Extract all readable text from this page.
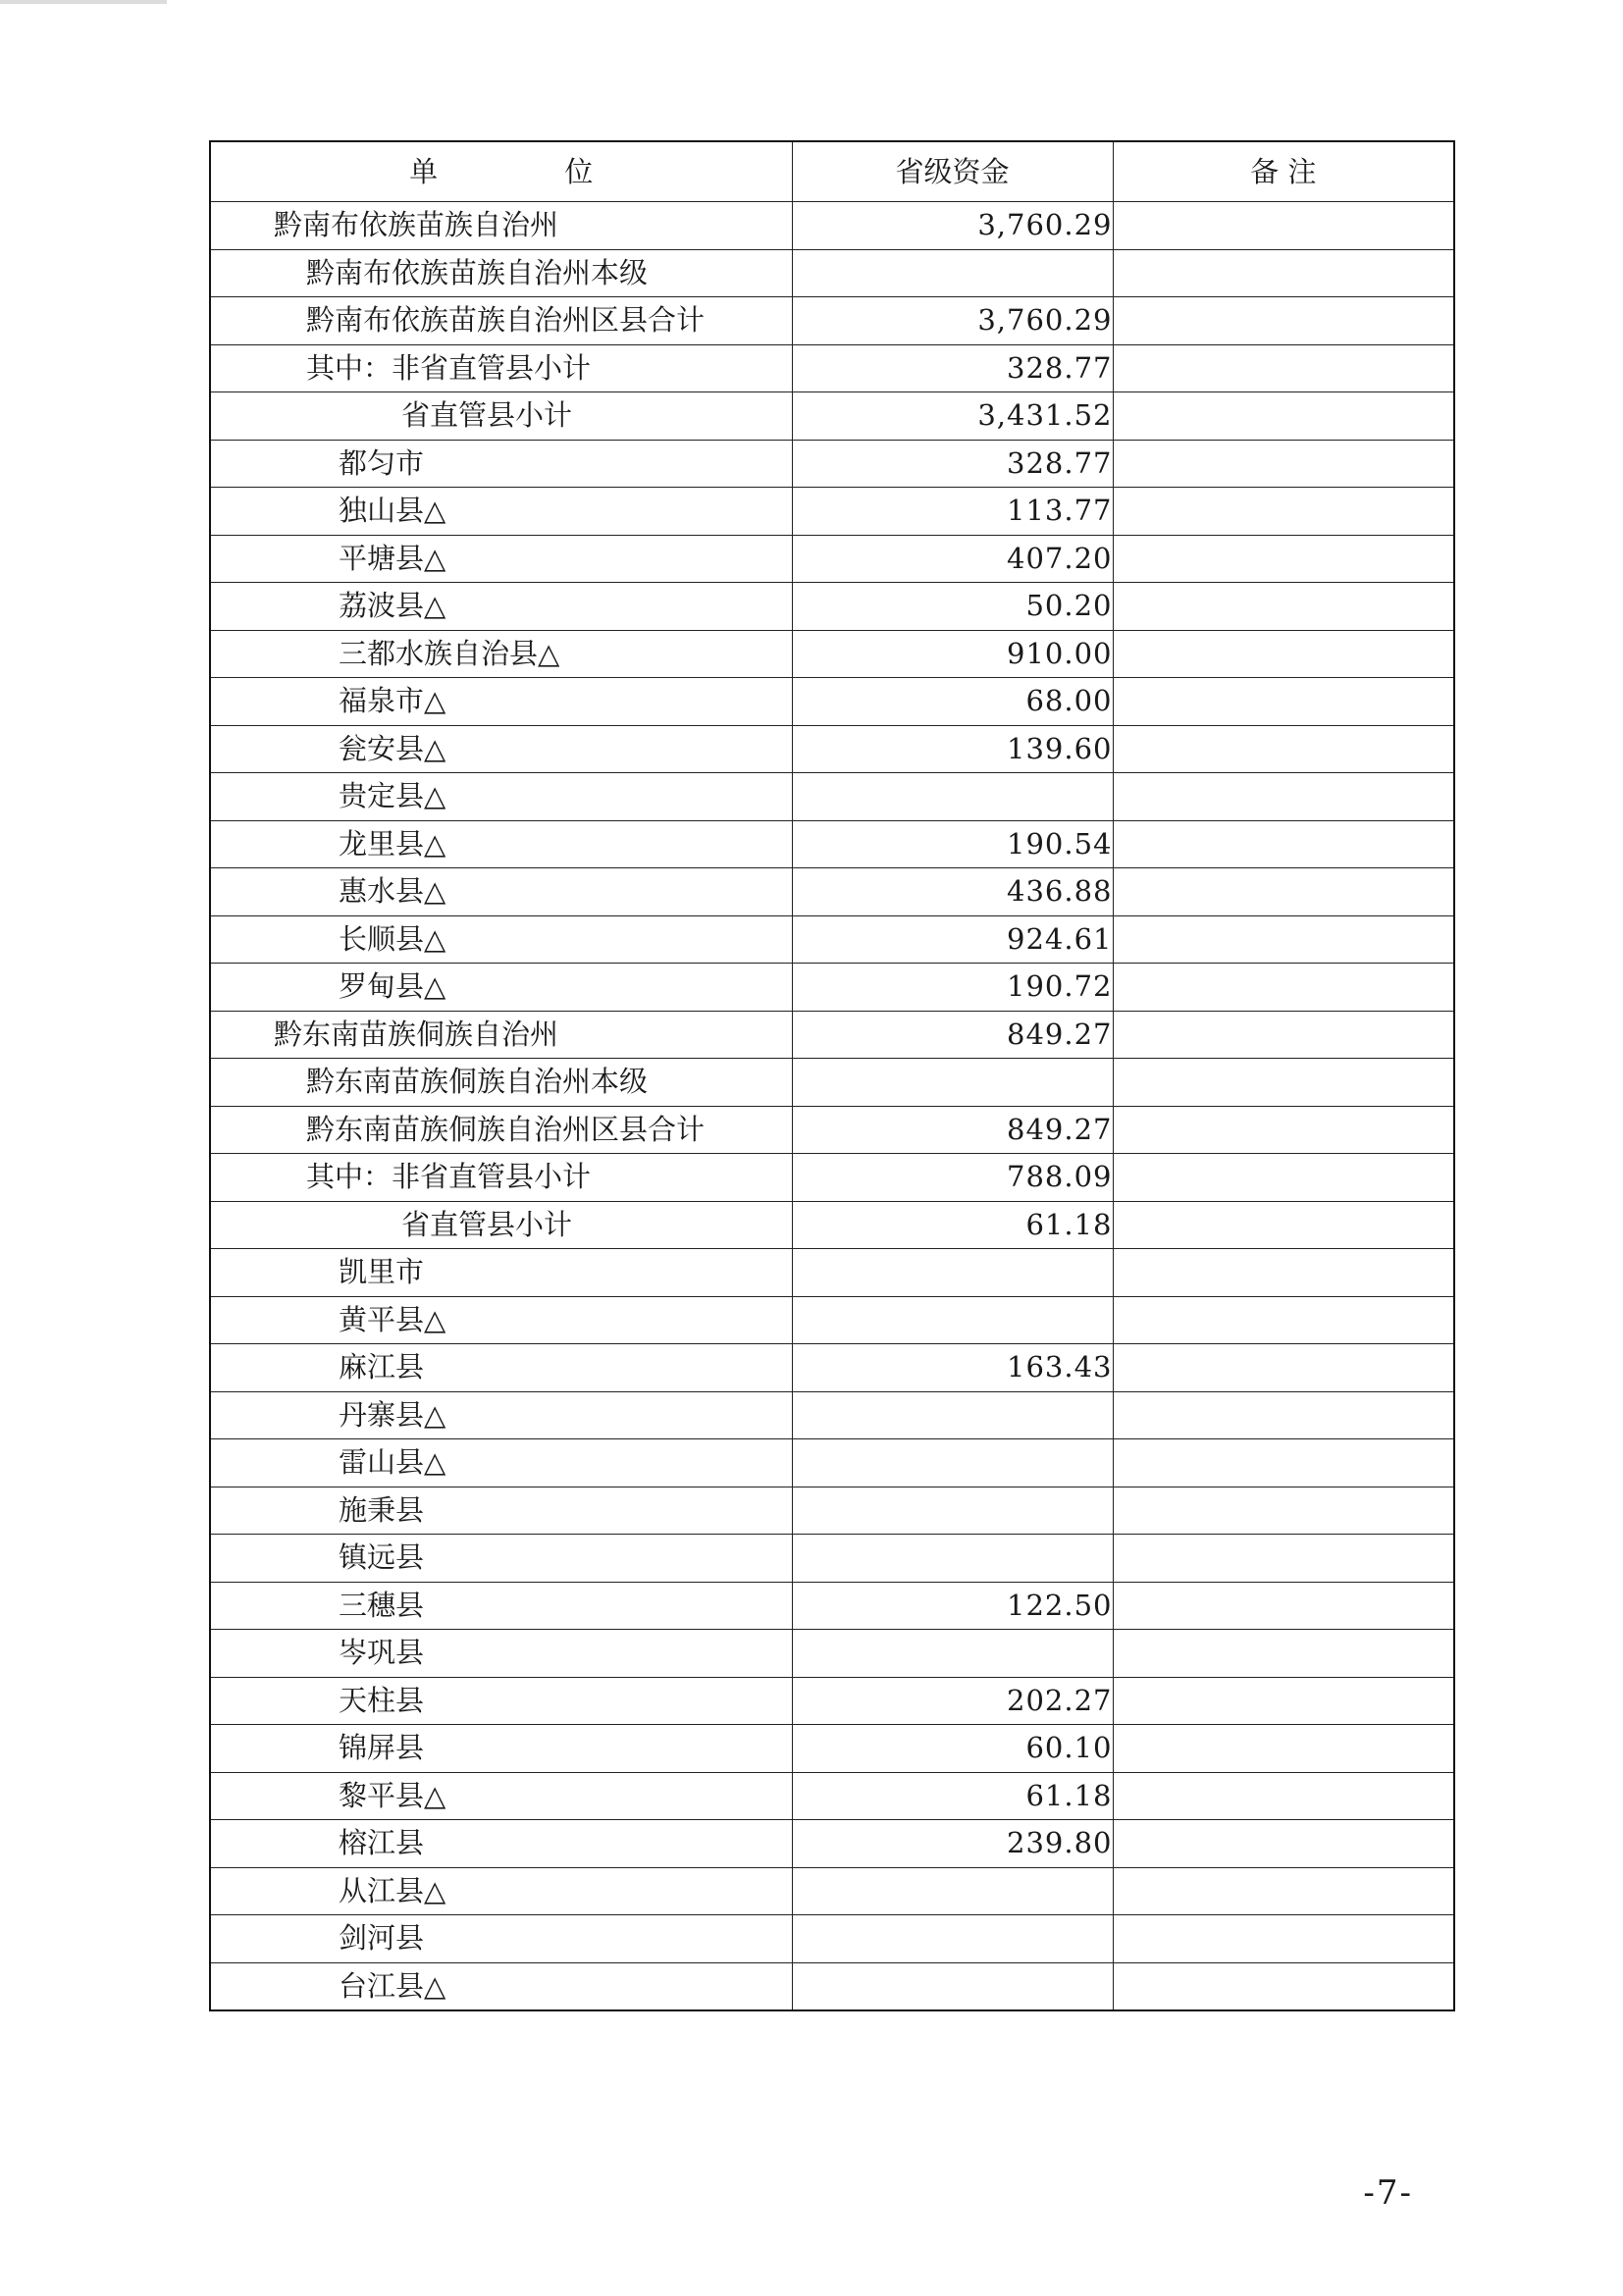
单 位	省级资金	备 注
黔南布依族苗族自治州	3,760.29	
黔南布依族苗族自治州本级		
黔南布依族苗族自治州区县合计	3,760.29	
其中：非省直管县小计	328.77	
省直管县小计	3,431.52	
都匀市	328.77	
独山县△	113.77	
平塘县△	407.20	
荔波县△	50.20	
三都水族自治县△	910.00	
福泉市△	68.00	
瓮安县△	139.60	
贵定县△		
龙里县△	190.54	
惠水县△	436.88	
长顺县△	924.61	
罗甸县△	190.72	
黔东南苗族侗族自治州	849.27	
黔东南苗族侗族自治州本级		
黔东南苗族侗族自治州区县合计	849.27	
其中：非省直管县小计	788.09	
省直管县小计	61.18	
凯里市		
黄平县△		
麻江县	163.43	
丹寨县△		
雷山县△		
施秉县		
镇远县		
三穗县	122.50	
岑巩县		
天柱县	202.27	
锦屏县	60.10	
黎平县△	61.18	
榕江县	239.80	
从江县△		
剑河县		
台江县△		
-7-
